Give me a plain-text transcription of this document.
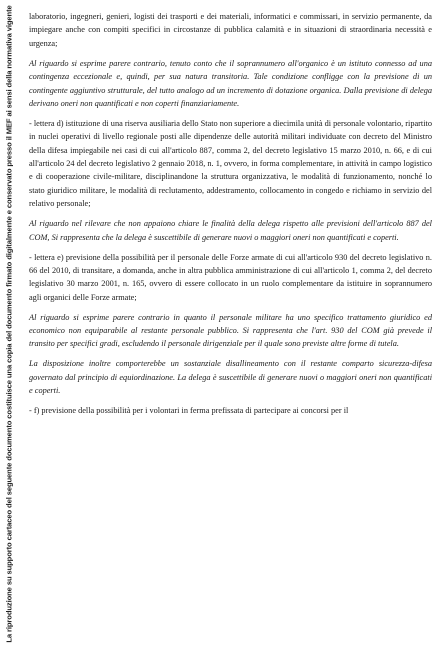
La riproduzione su supporto cartaceo del seguente documento costituisce una copia del documento firmato digitalmente e conservato presso il MEF ai sensi della normativa vigente laboratorio, ingegneri, genieri, logisti dei trasporti e dei materiali, informatici e commissari, in servizio permanente, da impiegare anche con compiti specifici in circostanze di pubblica calamità e in situazioni di straordinaria necessità e urgenza;

Al riguardo si esprime parere contrario, tenuto conto che il soprannumero all'organico è un istituto connesso ad una contingenza eccezionale e, quindi, per sua natura transitoria. Tale condizione confligge con la previsione di un contingente aggiuntivo strutturale, del tutto analogo ad un incremento di dotazione organica. Dalla previsione di delega derivano oneri non quantificati e non coperti finanziariamente.

- lettera d) istituzione di una riserva ausiliaria dello Stato non superiore a diecimila unità di personale volontario, ripartito in nuclei operativi di livello regionale posti alle dipendenze delle autorità militari individuate con decreto del Ministro della difesa impiegabile nei casi di cui all'articolo 887, comma 2, del decreto legislativo 15 marzo 2010, n. 66, e di cui all'articolo 24 del decreto legislativo 2 gennaio 2018, n. 1, ovvero, in forma complementare, in attività in campo logistico e di cooperazione civile-militare, disciplinandone la struttura organizzativa, le modalità di funzionamento, nonché lo stato giuridico militare, le modalità di reclutamento, addestramento, collocamento in congedo e richiamo in servizio del relativo personale;

Al riguardo nel rilevare che non appaiono chiare le finalità della delega rispetto alle previsioni dell'articolo 887 del COM, Si rappresenta che la delega è suscettibile di generare nuovi o maggiori oneri non quantificati e coperti.

- lettera e) previsione della possibilità per il personale delle Forze armate di cui all'articolo 930 del decreto legislativo n. 66 del 2010, di transitare, a domanda, anche in altra pubblica amministrazione di cui all'articolo 1, comma 2, del decreto legislativo 30 marzo 2001, n. 165, ovvero di essere collocato in un ruolo complementare da istituire in soprannumero agli organici delle Forze armate;

Al riguardo si esprime parere contrario in quanto il personale militare ha uno specifico trattamento giuridico ed economico non equiparabile al restante personale pubblico. Si rappresenta che l'art. 930 del COM già prevede il transito per specifici gradi, escludendo il personale dirigenziale per il quale sono previste altre forme di tutela.

La disposizione inoltre comporterebbe un sostanziale disallineamento con il restante comparto sicurezza-difesa governato dal principio di equiordinazione. La delega è suscettibile di generare nuovi o maggiori oneri non quantificati e coperti.

- f) previsione della possibilità per i volontari in ferma prefissata di partecipare ai concorsi per il
